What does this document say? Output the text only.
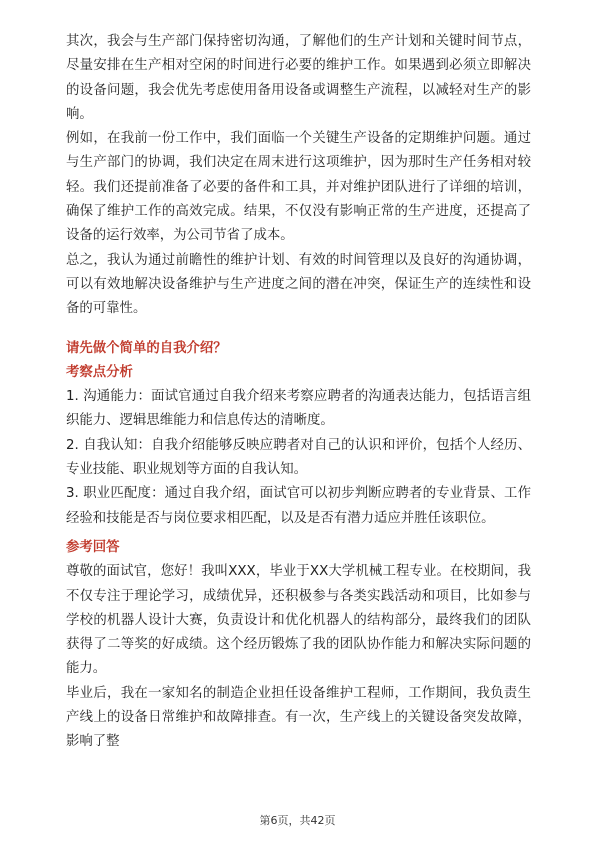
其次，我会与生产部门保持密切沟通，了解他们的生产计划和关键时间节点，尽量安排在生产相对空闲的时间进行必要的维护工作。如果遇到必须立即解决的设备问题，我会优先考虑使用备用设备或调整生产流程，以减轻对生产的影响。

例如，在我前一份工作中，我们面临一个关键生产设备的定期维护问题。通过与生产部门的协调，我们决定在周末进行这项维护，因为那时生产任务相对较轻。我们还提前准备了必要的备件和工具，并对维护团队进行了详细的培训，确保了维护工作的高效完成。结果，不仅没有影响正常的生产进度，还提高了设备的运行效率，为公司节省了成本。

总之，我认为通过前瞻性的维护计划、有效的时间管理以及良好的沟通协调，可以有效地解决设备维护与生产进度之间的潜在冲突，保证生产的连续性和设备的可靠性。

请先做个简单的自我介绍？

考察点分析

1. 沟通能力：面试官通过自我介绍来考察应聘者的沟通表达能力，包括语言组织能力、逻辑思维能力和信息传达的清晰度。

2. 自我认知：自我介绍能够反映应聘者对自己的认识和评价，包括个人经历、专业技能、职业规划等方面的自我认知。

3. 职业匹配度：通过自我介绍，面试官可以初步判断应聘者的专业背景、工作经验和技能是否与岗位要求相匹配，以及是否有潜力适应并胜任该职位。

参考回答

尊敬的面试官，您好！我叫XXX，毕业于XX大学机械工程专业。在校期间，我不仅专注于理论学习，成绩优异，还积极参与各类实践活动和项目，比如参与学校的机器人设计大赛，负责设计和优化机器人的结构部分，最终我们的团队获得了二等奖的好成绩。这个经历锻炼了我的团队协作能力和解决实际问题的能力。

毕业后，我在一家知名的制造企业担任设备维护工程师，工作期间，我负责生产线上的设备日常维护和故障排查。有一次，生产线上的关键设备突发故障，影响了整

第6页，共42页
